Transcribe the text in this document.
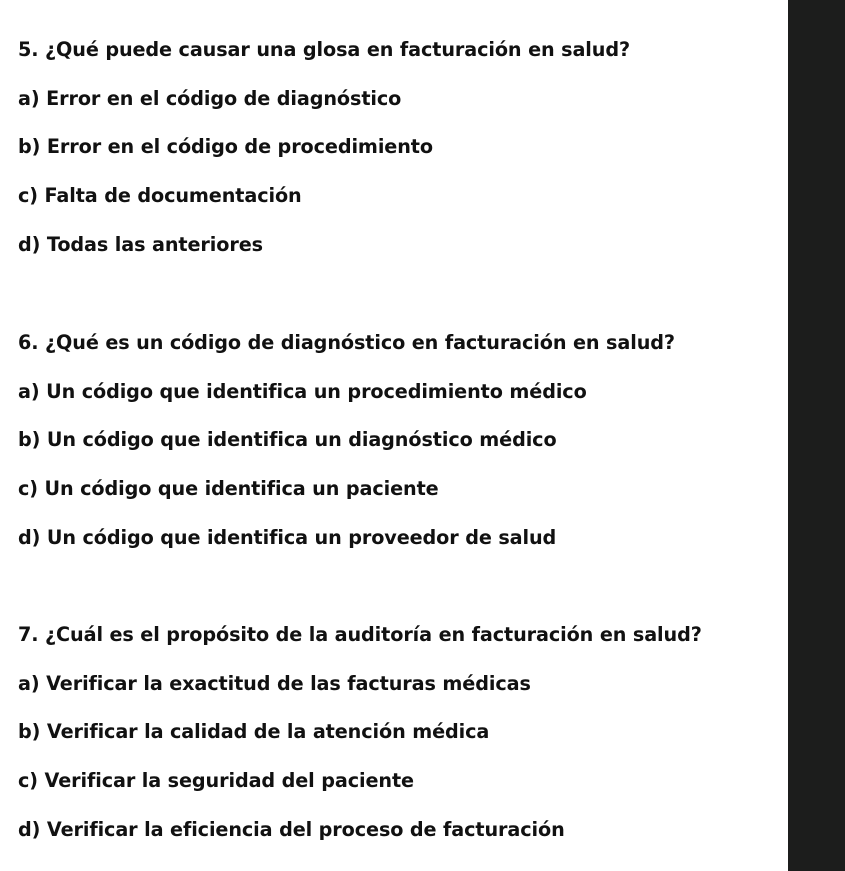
5. ¿Qué puede causar una glosa en facturación en salud?
a) Error en el código de diagnóstico
b) Error en el código de procedimiento
c) Falta de documentación
d) Todas las anteriores
6. ¿Qué es un código de diagnóstico en facturación en salud?
a) Un código que identifica un procedimiento médico
b) Un código que identifica un diagnóstico médico
c) Un código que identifica un paciente
d) Un código que identifica un proveedor de salud
7. ¿Cuál es el propósito de la auditoría en facturación en salud?
a) Verificar la exactitud de las facturas médicas
b) Verificar la calidad de la atención médica
c) Verificar la seguridad del paciente
d) Verificar la eficiencia del proceso de facturación
